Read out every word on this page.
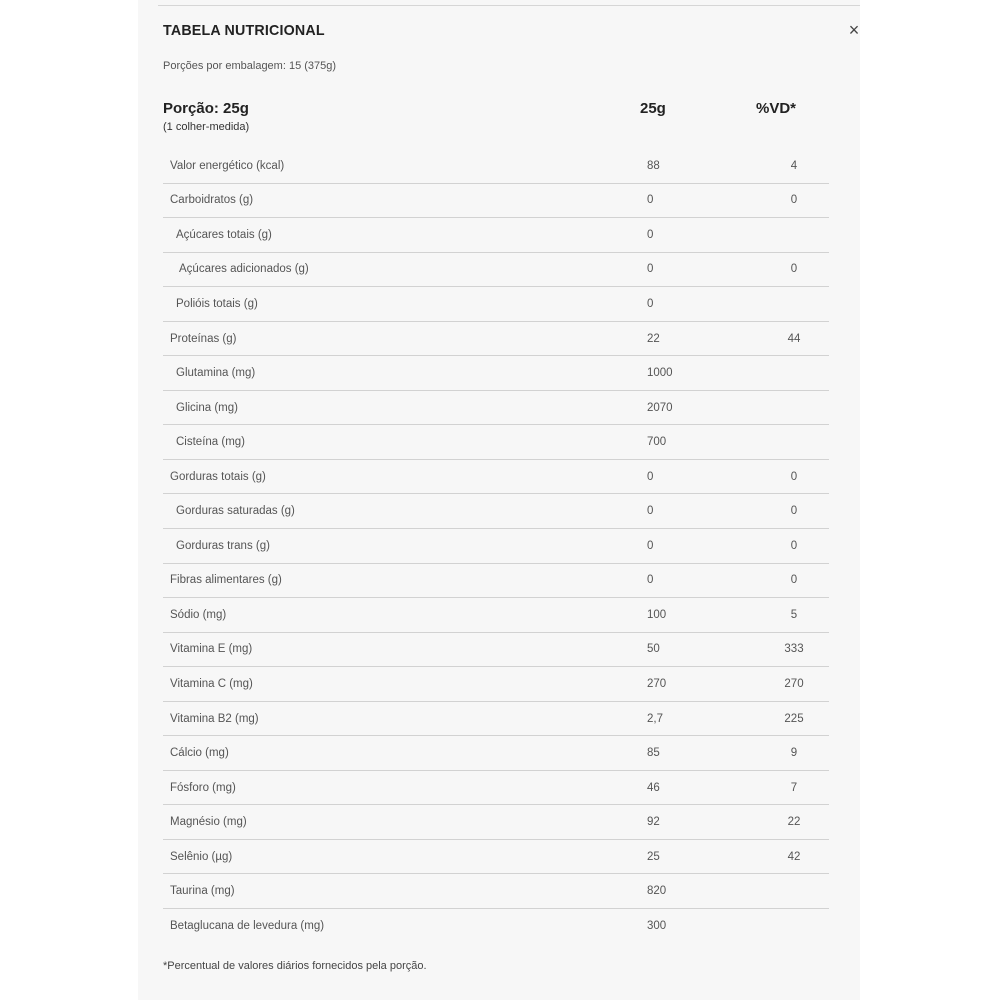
TABELA NUTRICIONAL	×
Porções por embalagem: 15 (375g)
Porção: 25g
(1 colher-medida)
25g	%VD*
Valor energético (kcal)	88	4
Carboidratos (g)	0	0
Açúcares totais (g)	0
Açúcares adicionados (g)	0	0
Polióis totais (g)	0
Proteínas (g)	22	44
Glutamina (mg)	1000
Glicina (mg)	2070
Cisteína (mg)	700
Gorduras totais (g)	0	0
Gorduras saturadas (g)	0	0
Gorduras trans (g)	0	0
Fibras alimentares (g)	0	0
Sódio (mg)	100	5
Vitamina E (mg)	50	333
Vitamina C (mg)	270	270
Vitamina B2 (mg)	2,7	225
Cálcio (mg)	85	9
Fósforo (mg)	46	7
Magnésio (mg)	92	22
Selênio (µg)	25	42
Taurina (mg)	820
Betaglucana de levedura (mg)	300
*Percentual de valores diários fornecidos pela porção.
